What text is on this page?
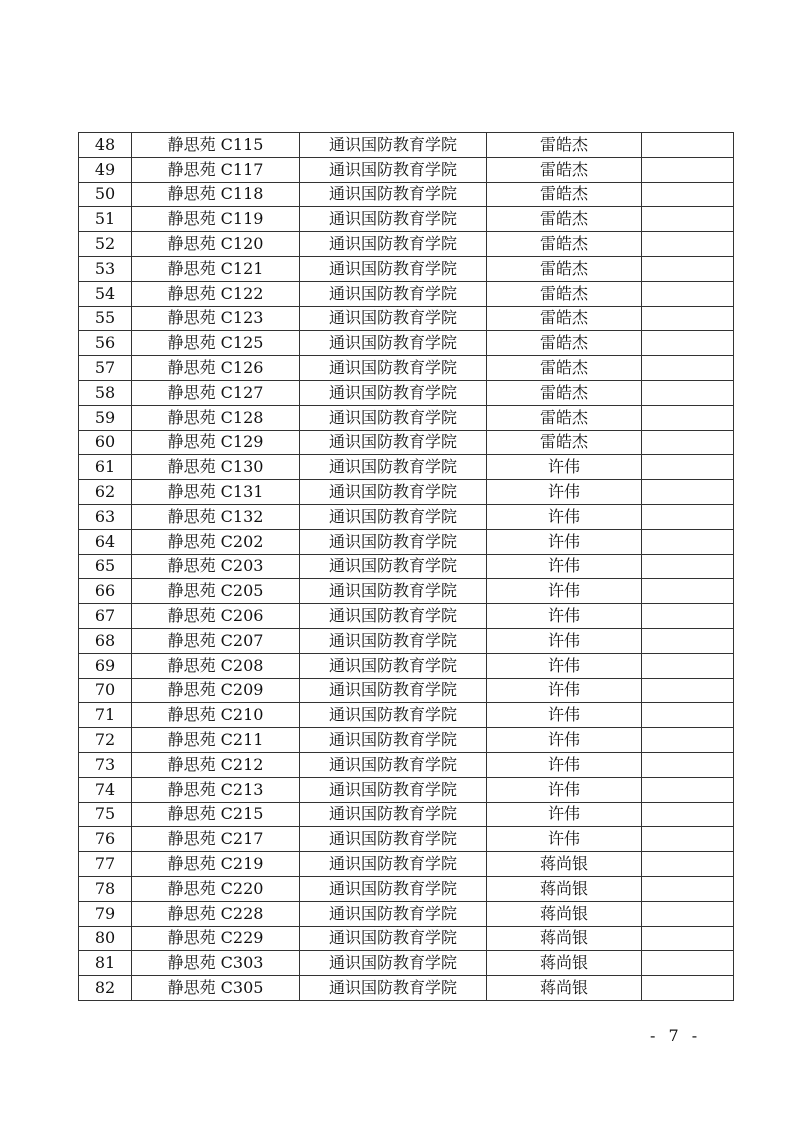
48	静思苑 C115	通识国防教育学院	雷皓杰	
49	静思苑 C117	通识国防教育学院	雷皓杰	
50	静思苑 C118	通识国防教育学院	雷皓杰	
51	静思苑 C119	通识国防教育学院	雷皓杰	
52	静思苑 C120	通识国防教育学院	雷皓杰	
53	静思苑 C121	通识国防教育学院	雷皓杰	
54	静思苑 C122	通识国防教育学院	雷皓杰	
55	静思苑 C123	通识国防教育学院	雷皓杰	
56	静思苑 C125	通识国防教育学院	雷皓杰	
57	静思苑 C126	通识国防教育学院	雷皓杰	
58	静思苑 C127	通识国防教育学院	雷皓杰	
59	静思苑 C128	通识国防教育学院	雷皓杰	
60	静思苑 C129	通识国防教育学院	雷皓杰	
61	静思苑 C130	通识国防教育学院	许伟	
62	静思苑 C131	通识国防教育学院	许伟	
63	静思苑 C132	通识国防教育学院	许伟	
64	静思苑 C202	通识国防教育学院	许伟	
65	静思苑 C203	通识国防教育学院	许伟	
66	静思苑 C205	通识国防教育学院	许伟	
67	静思苑 C206	通识国防教育学院	许伟	
68	静思苑 C207	通识国防教育学院	许伟	
69	静思苑 C208	通识国防教育学院	许伟	
70	静思苑 C209	通识国防教育学院	许伟	
71	静思苑 C210	通识国防教育学院	许伟	
72	静思苑 C211	通识国防教育学院	许伟	
73	静思苑 C212	通识国防教育学院	许伟	
74	静思苑 C213	通识国防教育学院	许伟	
75	静思苑 C215	通识国防教育学院	许伟	
76	静思苑 C217	通识国防教育学院	许伟	
77	静思苑 C219	通识国防教育学院	蒋尚银	
78	静思苑 C220	通识国防教育学院	蒋尚银	
79	静思苑 C228	通识国防教育学院	蒋尚银	
80	静思苑 C229	通识国防教育学院	蒋尚银	
81	静思苑 C303	通识国防教育学院	蒋尚银	
82	静思苑 C305	通识国防教育学院	蒋尚银	
- 7 -
